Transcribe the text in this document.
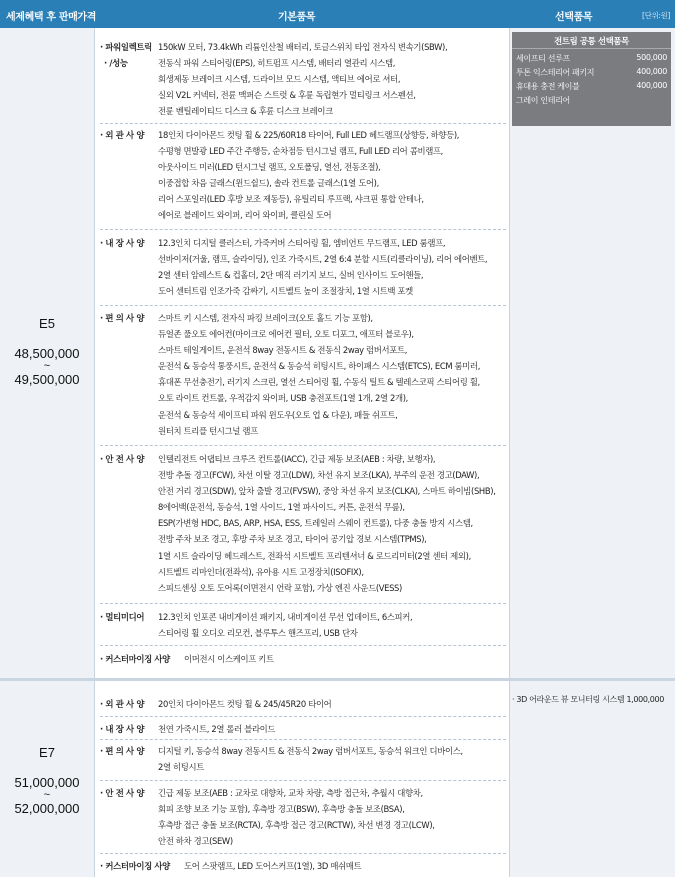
세제혜택 후 판매가격	기본품목	선택품목	[단위:원]
E5
48,500,000
~
49,500,000
전트림 공통 선택품목
세이프티 선루프	500,000
투톤 익스테리어 패키지	400,000
휴대용 충전 케이블	400,000
그레이 인테리어
· 파워일렉트릭
· /성능
150kW 모터, 73.4kWh 리튬인산철 배터리, 토글스위치 타입 전자식 변속기(SBW),
전동식 파워 스티어링(EPS), 히트펌프 시스템, 배터리 열관리 시스템,
회생제동 브레이크 시스템, 드라이브 모드 시스템, 액티브 에어로 셔터,
실외 V2L 커넥터, 전륜 맥퍼슨 스트럿 & 후륜 독립현가 멀티링크 서스펜션,
전륜 벤틸레이티드 디스크 & 후륜 디스크 브레이크
· 외 관 사 양 18인치 다이아몬드 컷팅 휠 & 225/60R18 타이어, Full LED 헤드램프(상향등, 하향등),
수평형 면발광 LED 주간 주행등, 순차점등 턴시그널 램프, Full LED 리어 콤비램프,
아웃사이드 미러(LED 턴시그널 램프, 오토폴딩, 열선, 전동조절),
이중접합 차음 글래스(윈드쉴드), 솔라 컨트롤 글래스(1열 도어),
리어 스포일러(LED 후방 보조 제동등), 유틸리티 루프랙, 샤크핀 통합 안테나,
에어로 블레이드 와이퍼, 리어 와이퍼, 클린실 도어
· 내 장 사 양 12.3인치 디지털 클러스터, 가죽커버 스티어링 휠, 엠비언트 무드램프, LED 룸램프,
선바이저(거울, 램프, 슬라이딩), 인조 가죽시트, 2열 6:4 분할 시트(리클라이닝), 리어 에어벤트,
2열 센터 암레스트 & 컵홀더, 2단 매직 러기지 보드, 실버 인사이드 도어핸들,
도어 센터트림 인조가죽 감싸기, 시트벨트 높이 조절장치, 1열 시트백 포켓
· 편 의 사 양 스마트 키 시스템, 전자식 파킹 브레이크(오토 홀드 기능 포함),
듀얼존 풀오토 에어컨(마이크로 에어컨 필터, 오토 디포그, 애프터 블로우),
스마트 테일게이트, 운전석 8way 전동시트 & 전동식 2way 럼버서포트,
운전석 & 동승석 통풍시트, 운전석 & 동승석 히팅시트, 하이패스 시스템(ETCS), ECM 룸미러,
휴대폰 무선충전기, 러기지 스크린, 열선 스티어링 휠, 수동식 틸트 & 텔레스코픽 스티어링 휠,
오토 라이트 컨트롤, 우적감지 와이퍼, USB 충전포트(1열 1개, 2열 2개),
운전석 & 동승석 세이프티 파워 윈도우(오토 업 & 다운), 패들 쉬프트,
원터치 트리플 턴시그널 램프
· 안 전 사 양 인텔리전트 어댑티브 크루즈 컨트롤(IACC), 긴급 제동 보조(AEB : 차량, 보행자),
전방 추돌 경고(FCW), 차선 이탈 경고(LDW), 차선 유지 보조(LKA), 부주의 운전 경고(DAW),
안전 거리 경고(SDW), 앞차 출발 경고(FVSW), 중앙 차선 유지 보조(CLKA), 스마트 하이빔(SHB),
8에어백(운전석, 동승석, 1열 사이드, 1열 파사이드, 커튼, 운전석 무릎),
ESP(가변형 HDC, BAS, ARP, HSA, ESS, 트레일러 스웨이 컨트롤), 다중 충돌 방지 시스템,
전방 주차 보조 경고, 후방 주차 보조 경고, 타이어 공기압 경보 시스템(TPMS),
1열 시트 슬라이딩 헤드레스트, 전좌석 시트벨트 프리텐셔너 & 로드리미터(2열 센터 제외),
시트벨트 리마인더(전좌석), 유아용 시트 고정장치(ISOFIX),
스피드센싱 오토 도어록(이면전시 언락 포함), 가상 엔진 사운드(VESS)
· 멀티미디어 12.3인치 인포콘 내비게이션 패키지, 내비게이션 무선 업데이트, 6스피커,
스티어링 휠 오디오 리모컨, 블루투스 핸즈프리, USB 단자
· 커스터마이징 사양 이머전시 이스케이프 키트
E7
51,000,000
~
52,000,000
· 3D 어라운드 뷰 모니터링 시스템 1,000,000
· 외 관 사 양 20인치 다이아몬드 컷팅 휠 & 245/45R20 타이어
· 내 장 사 양 천연 가죽시트, 2열 롤러 블라이드
· 편 의 사 양 디지털 키, 동승석 8way 전동시트 & 전동식 2way 럼버서포트, 동승석 워크인 디바이스,
2열 히팅시트
· 안 전 사 양 긴급 제동 보조(AEB : 교차로 대향차, 교차 차량, 측방 접근차, 추월시 대향차,
회피 조향 보조 기능 포함), 후측방 경고(BSW), 후측방 충돌 보조(BSA),
후측방 접근 충돌 보조(RCTA), 후측방 접근 경고(RCTW), 차선 변경 경고(LCW),
안전 하차 경고(SEW)
· 커스터마이징 사양 도어 스팟램프, LED 도어스커프(1열), 3D 매쉬매트
